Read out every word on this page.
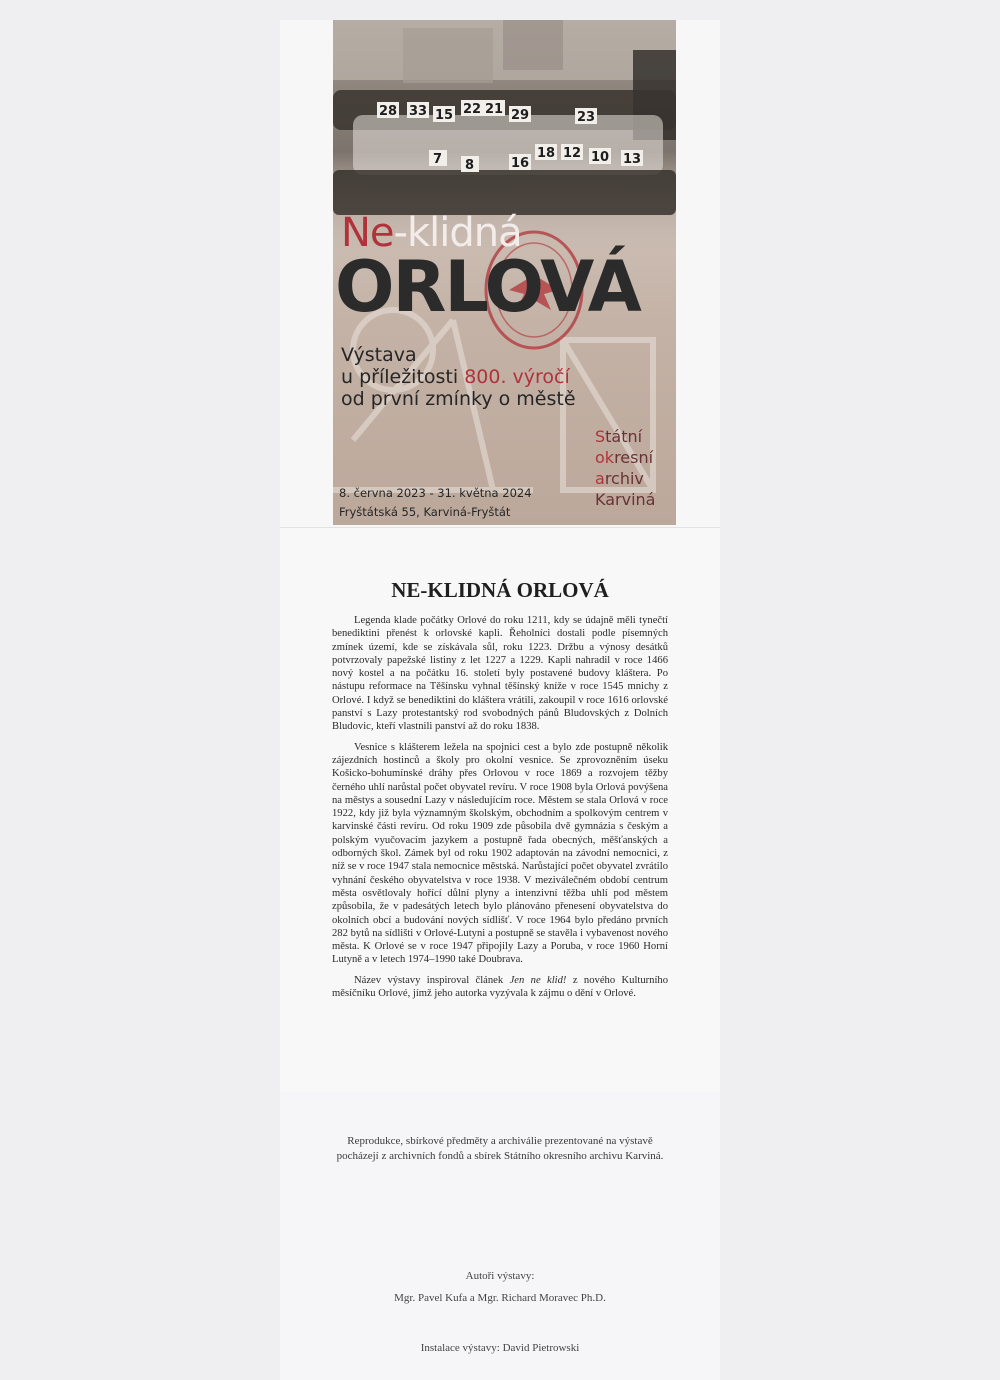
28 33 15 22 21 29	23
7 8	16
18 12 10 13
Ne-klidná
ORLOVÁ
Výstava
u příležitosti 800. výročí
od první zmínky o městě
Státní
okresní
archiv
Karviná
8. června 2023 - 31. května 2024
Fryštátská 55, Karviná-Fryštát
NE-KLIDNÁ ORLOVÁ

Legenda klade počátky Orlové do roku 1211, kdy se údajně měli tynečtí benediktini přenést k orlovské kapli. Řeholníci dostali podle písemných zmínek území, kde se získávala sůl, roku 1223. Držbu a výnosy desátků potvrzovaly papežské listiny z let 1227 a 1229. Kapli nahradil v roce 1466 nový kostel a na počátku 16. století byly postavené budovy kláštera. Po nástupu reformace na Těšínsku vyhnal těšínský kníže v roce 1545 mnichy z Orlové. I když se benediktini do kláštera vrátili, zakoupil v roce 1616 orlovské panství s Lazy protestantský rod svobodných pánů Bludovských z Dolních Bludovic, kteří vlastnili panství až do roku 1838.

Vesnice s klášterem ležela na spojnici cest a bylo zde postupně několik zájezdních hostinců a školy pro okolní vesnice. Se zprovozněním úseku Košicko-bohumínské dráhy přes Orlovou v roce 1869 a rozvojem těžby černého uhlí narůstal počet obyvatel revíru. V roce 1908 byla Orlová povýšena na městys a sousední Lazy v následujícím roce. Městem se stala Orlová v roce 1922, kdy již byla významným školským, obchodním a spolkovým centrem v karvinské části revíru. Od roku 1909 zde působila dvě gymnázia s českým a polským vyučovacím jazykem a postupně řada obecných, měšťanských a odborných škol. Zámek byl od roku 1902 adaptován na závodní nemocnici, z níž se v roce 1947 stala nemocnice městská. Narůstající počet obyvatel zvrátilo vyhnání českého obyvatelstva v roce 1938. V meziválečném období centrum města osvětlovaly hořící důlní plyny a intenzivní těžba uhlí pod městem způsobila, že v padesátých letech bylo plánováno přenesení obyvatelstva do okolních obcí a budování nových sídlišť. V roce 1964 bylo předáno prvních 282 bytů na sídlišti v Orlové-Lutyni a postupně se stavěla i vybavenost nového města. K Orlové se v roce 1947 připojily Lazy a Poruba, v roce 1960 Horní Lutyně a v letech 1974–1990 také Doubrava.

Název výstavy inspiroval článek Jen ne klid! z nového Kulturního měsíčníku Orlové, jímž jeho autorka vyzývala k zájmu o dění v Orlové.

Reprodukce, sbírkové předměty a archiválie prezentované na výstavě pocházejí z archivních fondů a sbírek Státního okresního archivu Karviná.
Autoři výstavy:
Mgr. Pavel Kufa a Mgr. Richard Moravec Ph.D.
Instalace výstavy: David Pietrowski
